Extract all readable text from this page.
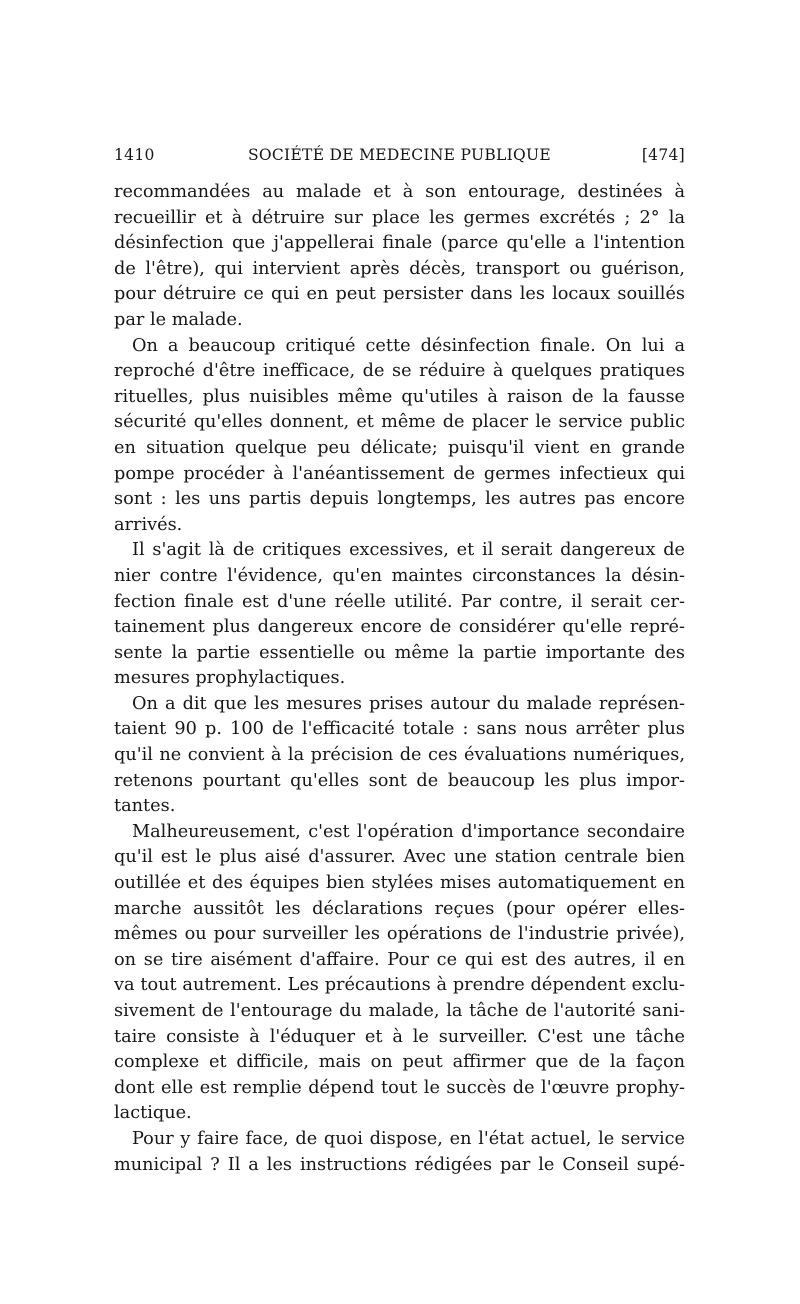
1410	SOCIÉTÉ DE MEDECINE PUBLIQUE	[474]
recommandées au malade et à son entourage, destinées à
recueillir et à détruire sur place les germes excrétés ; 2° la
désinfection que j'appellerai finale (parce qu'elle a l'intention
de l'être), qui intervient après décès, transport ou guérison,
pour détruire ce qui en peut persister dans les locaux souillés
par le malade.
On a beaucoup critiqué cette désinfection finale. On lui a
reproché d'être inefficace, de se réduire à quelques pratiques
rituelles, plus nuisibles même qu'utiles à raison de la fausse
sécurité qu'elles donnent, et même de placer le service public
en situation quelque peu délicate; puisqu'il vient en grande
pompe procéder à l'anéantissement de germes infectieux qui
sont : les uns partis depuis longtemps, les autres pas encore
arrivés.
Il s'agit là de critiques excessives, et il serait dangereux de
nier contre l'évidence, qu'en maintes circonstances la désin-
fection finale est d'une réelle utilité. Par contre, il serait cer-
tainement plus dangereux encore de considérer qu'elle repré-
sente la partie essentielle ou même la partie importante des
mesures prophylactiques.
On a dit que les mesures prises autour du malade représen-
taient 90 p. 100 de l'efficacité totale : sans nous arrêter plus
qu'il ne convient à la précision de ces évaluations numériques,
retenons pourtant qu'elles sont de beaucoup les plus impor-
tantes.
Malheureusement, c'est l'opération d'importance secondaire
qu'il est le plus aisé d'assurer. Avec une station centrale bien
outillée et des équipes bien stylées mises automatiquement en
marche aussitôt les déclarations reçues (pour opérer elles-
mêmes ou pour surveiller les opérations de l'industrie privée),
on se tire aisément d'affaire. Pour ce qui est des autres, il en
va tout autrement. Les précautions à prendre dépendent exclu-
sivement de l'entourage du malade, la tâche de l'autorité sani-
taire consiste à l'éduquer et à le surveiller. C'est une tâche
complexe et difficile, mais on peut affirmer que de la façon
dont elle est remplie dépend tout le succès de l'œuvre prophy-
lactique.
Pour y faire face, de quoi dispose, en l'état actuel, le service
municipal ? Il a les instructions rédigées par le Conseil supé-
